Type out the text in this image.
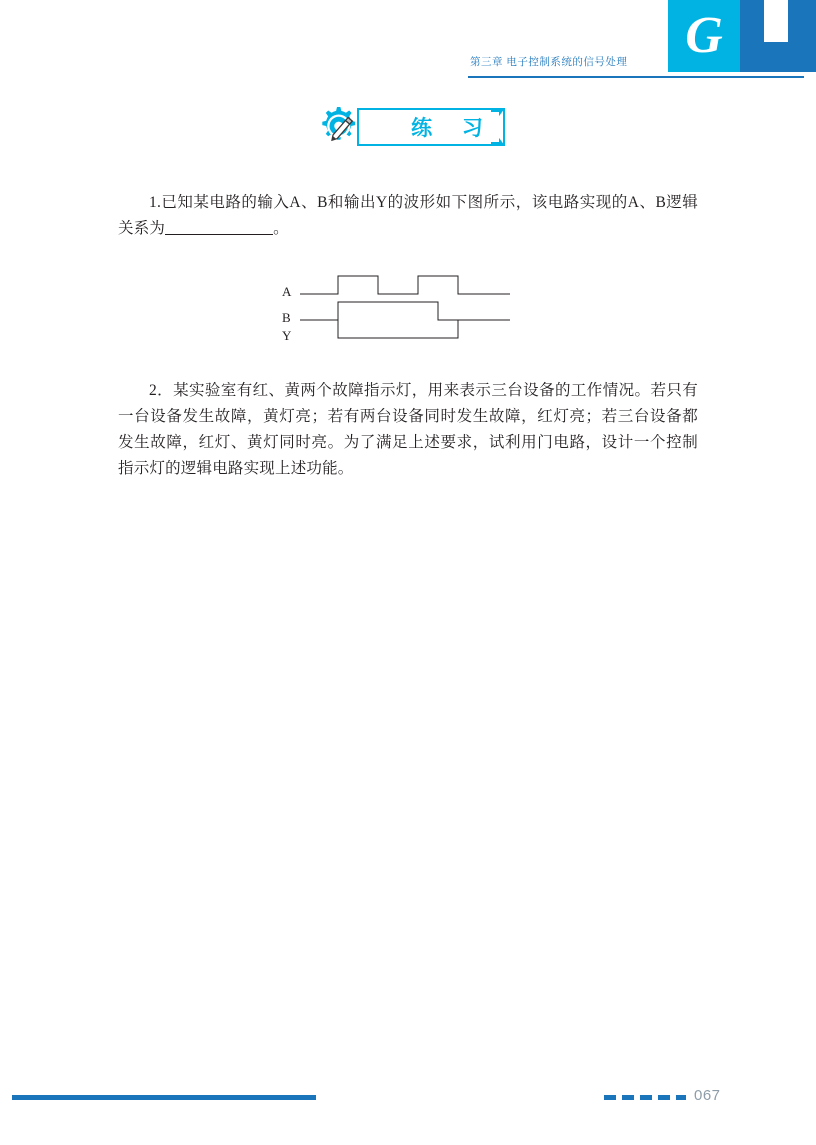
G
第三章 电子控制系统的信号处理
练 习
1.已知某电路的输入A、B和输出Y的波形如下图所示，该电路实现的A、B逻辑关系为	。
A
B
Y
2．某实验室有红、黄两个故障指示灯，用来表示三台设备的工作情况。若只有一台设备发生故障，黄灯亮；若有两台设备同时发生故障，红灯亮；若三台设备都发生故障，红灯、黄灯同时亮。为了满足上述要求，试利用门电路，设计一个控制指示灯的逻辑电路实现上述功能。
067
